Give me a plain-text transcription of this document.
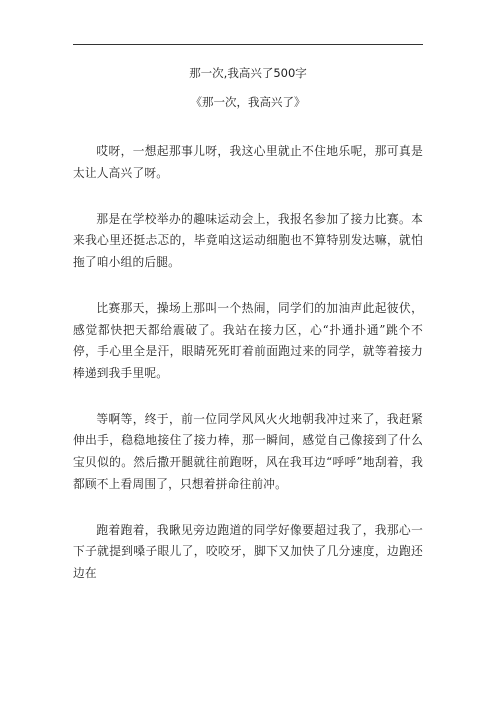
那一次,我高兴了500字
《那一次，我高兴了》

哎呀，一想起那事儿呀，我这心里就止不住地乐呢，那可真是太让人高兴了呀。

那是在学校举办的趣味运动会上，我报名参加了接力比赛。本来我心里还挺忐忑的，毕竟咱这运动细胞也不算特别发达嘛，就怕拖了咱小组的后腿。

比赛那天，操场上那叫一个热闹，同学们的加油声此起彼伏，感觉都快把天都给震破了。我站在接力区，心“扑通扑通”跳个不停，手心里全是汗，眼睛死死盯着前面跑过来的同学，就等着接力棒递到我手里呢。

等啊等，终于，前一位同学风风火火地朝我冲过来了，我赶紧伸出手，稳稳地接住了接力棒，那一瞬间，感觉自己像接到了什么宝贝似的。然后撒开腿就往前跑呀，风在我耳边“呼呼”地刮着，我都顾不上看周围了，只想着拼命往前冲。

跑着跑着，我瞅见旁边跑道的同学好像要超过我了，我那心一下子就提到嗓子眼儿了，咬咬牙，脚下又加快了几分速度，边跑还边在
